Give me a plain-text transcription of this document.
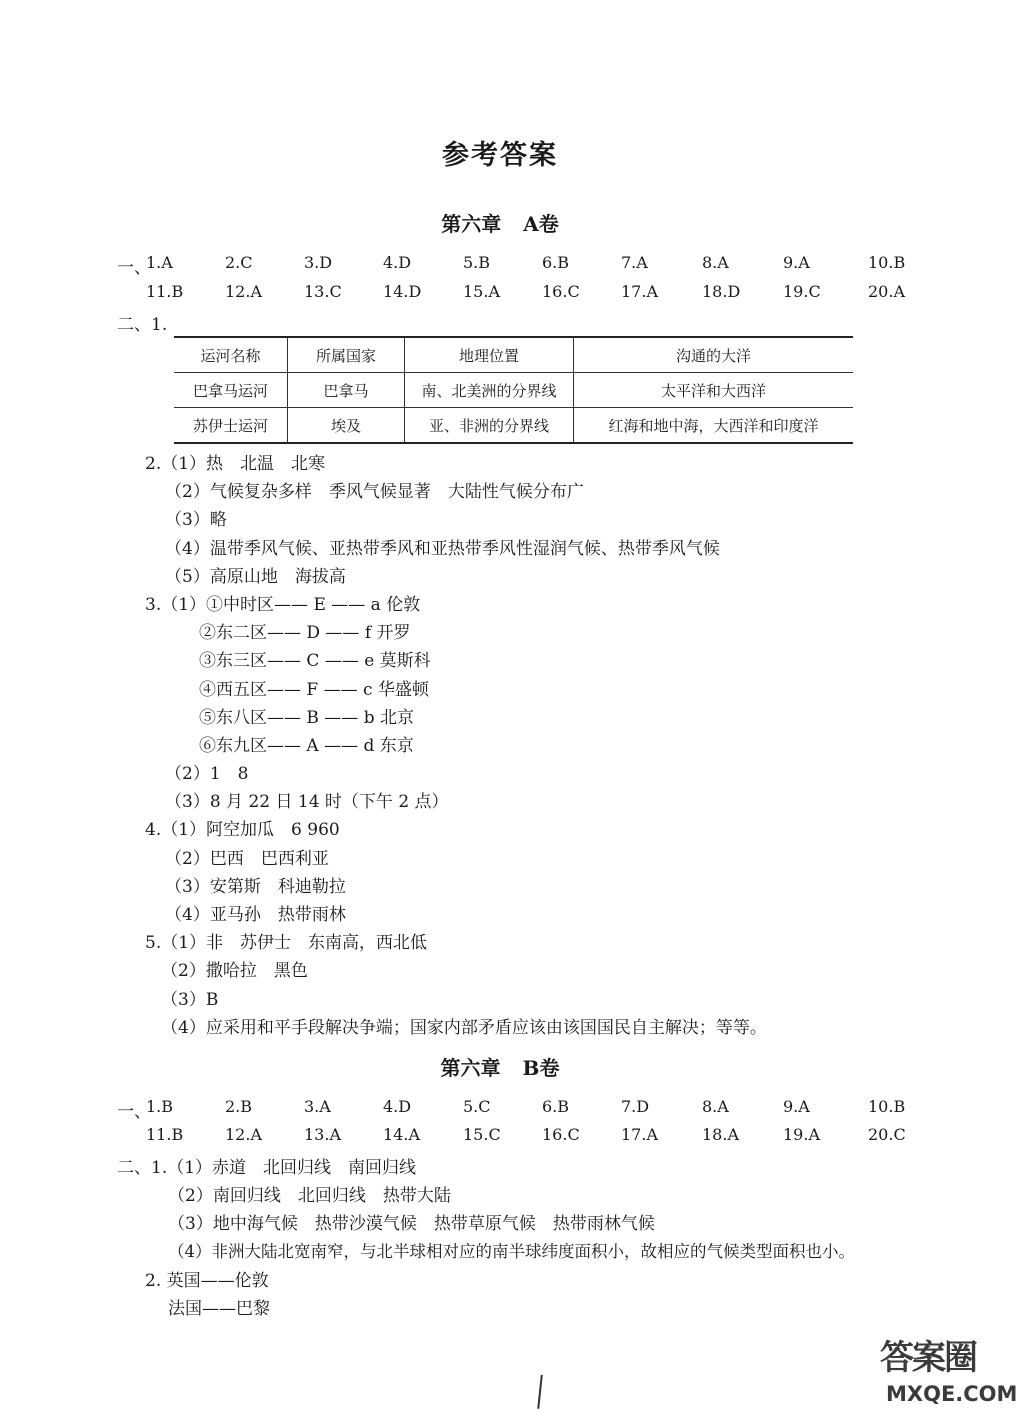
参考答案
第六章 A卷
一、
1.A	2.C	3.D	4.D	5.B	6.B	7.A	8.A	9.A	10.B
11.B	12.A	13.C	14.D	15.A	16.C	17.A	18.D	19.C	20.A
二、1.
运河名称	所属国家	地理位置	沟通的大洋
巴拿马运河	巴拿马	南、北美洲的分界线	太平洋和大西洋
苏伊士运河	埃及	亚、非洲的分界线	红海和地中海，大西洋和印度洋
2.（1）热　北温　北寒
（2）气候复杂多样　季风气候显著　大陆性气候分布广
（3）略
（4）温带季风气候、亚热带季风和亚热带季风性湿润气候、热带季风气候
（5）高原山地　海拔高
3.（1）①中时区—— E —— a 伦敦
②东二区—— D —— f 开罗
③东三区—— C —— e 莫斯科
④西五区—— F —— c 华盛顿
⑤东八区—— B —— b 北京
⑥东九区—— A —— d 东京
（2）1　8
（3）8 月 22 日 14 时（下午 2 点）
4.（1）阿空加瓜　6 960
（2）巴西　巴西利亚
（3）安第斯　科迪勒拉
（4）亚马孙　热带雨林
5.（1）非　苏伊士　东南高，西北低
（2）撒哈拉　黑色
（3）B
（4）应采用和平手段解决争端；国家内部矛盾应该由该国国民自主解决；等等。
第六章 B卷
一、
1.B	2.B	3.A	4.D	5.C	6.B	7.D	8.A	9.A	10.B
11.B	12.A	13.A	14.A	15.C	16.C	17.A	18.A	19.A	20.C
二、1.（1）赤道　北回归线　南回归线
（2）南回归线　北回归线　热带大陆
（3）地中海气候　热带沙漠气候　热带草原气候　热带雨林气候
（4）非洲大陆北宽南窄，与北半球相对应的南半球纬度面积小，故相应的气候类型面积也小。
2. 英国——伦敦
法国——巴黎
答案圈
MXQE.COM
